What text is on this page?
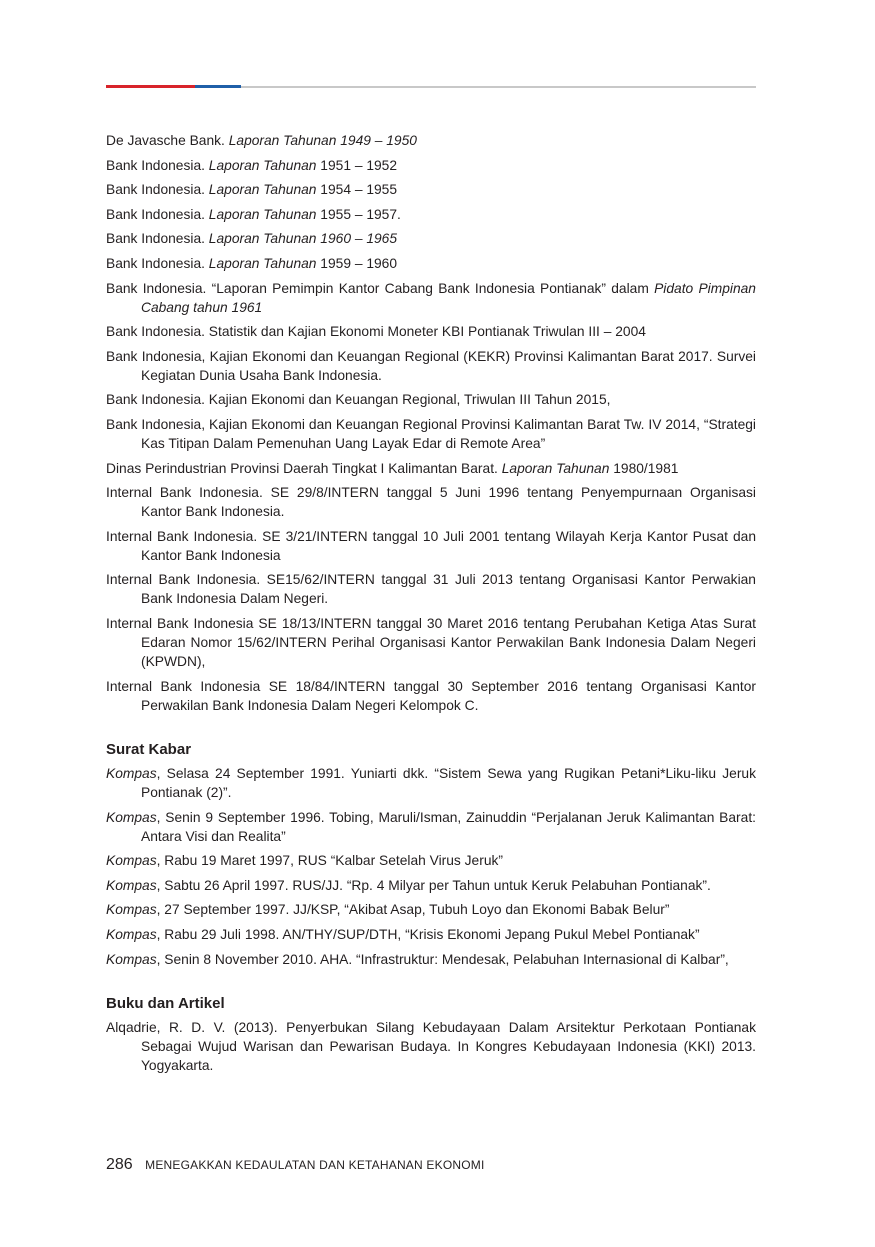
De Javasche Bank. Laporan Tahunan 1949 – 1950

Bank Indonesia. Laporan Tahunan 1951 – 1952

Bank Indonesia. Laporan Tahunan 1954 – 1955

Bank Indonesia. Laporan Tahunan 1955 – 1957.

Bank Indonesia. Laporan Tahunan 1960 – 1965

Bank Indonesia. Laporan Tahunan 1959 – 1960

Bank Indonesia. “Laporan Pemimpin Kantor Cabang Bank Indonesia Pontianak” dalam Pidato Pimpinan Cabang tahun 1961

Bank Indonesia. Statistik dan Kajian Ekonomi Moneter KBI Pontianak Triwulan III – 2004

Bank Indonesia, Kajian Ekonomi dan Keuangan Regional (KEKR) Provinsi Kalimantan Barat 2017. Survei Kegiatan Dunia Usaha Bank Indonesia.

Bank Indonesia. Kajian Ekonomi dan Keuangan Regional, Triwulan III Tahun 2015,

Bank Indonesia, Kajian Ekonomi dan Keuangan Regional Provinsi Kalimantan Barat Tw. IV 2014, “Strategi Kas Titipan Dalam Pemenuhan Uang Layak Edar di Remote Area”

Dinas Perindustrian Provinsi Daerah Tingkat I Kalimantan Barat. Laporan Tahunan 1980/1981

Internal Bank Indonesia. SE 29/8/INTERN tanggal 5 Juni 1996 tentang Penyempurnaan Organisasi Kantor Bank Indonesia.

Internal Bank Indonesia. SE 3/21/INTERN tanggal 10 Juli 2001 tentang Wilayah Kerja Kantor Pusat dan Kantor Bank Indonesia

Internal Bank Indonesia. SE15/62/INTERN tanggal 31 Juli 2013 tentang Organisasi Kantor Perwakian Bank Indonesia Dalam Negeri.

Internal Bank Indonesia SE 18/13/INTERN tanggal 30 Maret 2016 tentang Perubahan Ketiga Atas Surat Edaran Nomor 15/62/INTERN Perihal Organisasi Kantor Perwakilan Bank Indonesia Dalam Negeri (KPWDN),

Internal Bank Indonesia SE 18/84/INTERN tanggal 30 September 2016 tentang Organisasi Kantor Perwakilan Bank Indonesia Dalam Negeri Kelompok C.

Surat Kabar

Kompas, Selasa 24 September 1991. Yuniarti dkk. “Sistem Sewa yang Rugikan Petani*Liku-liku Jeruk Pontianak (2)”.

Kompas, Senin 9 September 1996. Tobing, Maruli/Isman, Zainuddin “Perjalanan Jeruk Kalimantan Barat: Antara Visi dan Realita”

Kompas, Rabu 19 Maret 1997, RUS “Kalbar Setelah Virus Jeruk”

Kompas, Sabtu 26 April 1997. RUS/JJ. “Rp. 4 Milyar per Tahun untuk Keruk Pelabuhan Pontianak”.

Kompas, 27 September 1997. JJ/KSP, “Akibat Asap, Tubuh Loyo dan Ekonomi Babak Belur”

Kompas, Rabu 29 Juli 1998. AN/THY/SUP/DTH, “Krisis Ekonomi Jepang Pukul Mebel Pontianak”

Kompas, Senin 8 November 2010. AHA. “Infrastruktur: Mendesak, Pelabuhan Internasional di Kalbar”,

Buku dan Artikel

Alqadrie, R. D. V. (2013). Penyerbukan Silang Kebudayaan Dalam Arsitektur Perkotaan Pontianak Sebagai Wujud Warisan dan Pewarisan Budaya. In Kongres Kebudayaan Indonesia (KKI) 2013. Yogyakarta.

286 MENEGAKKAN KEDAULATAN DAN KETAHANAN EKONOMI
